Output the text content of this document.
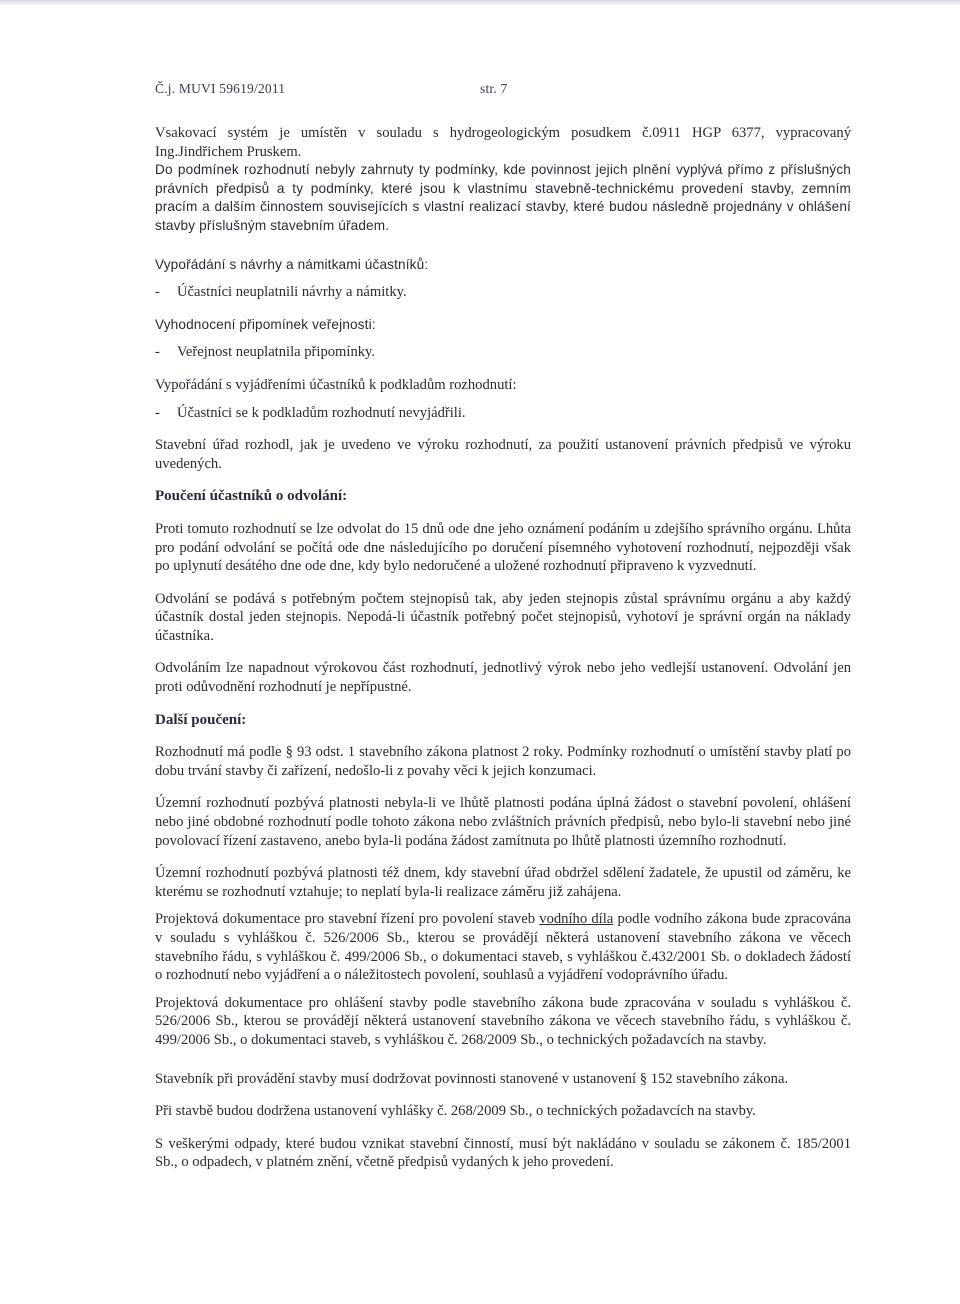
Č.j. MUVI 59619/2011	str. 7

Vsakovací systém je umístěn v souladu s hydrogeologickým posudkem č.0911 HGP 6377, vypracovaný Ing.Jindřichem Pruskem.

Do podmínek rozhodnutí nebyly zahrnuty ty podmínky, kde povinnost jejich plnění vyplývá přímo z příslušných právních předpisů a ty podmínky, které jsou k vlastnímu stavebně-technickému provedení stavby, zemním pracím a dalším činnostem souvisejících s vlastní realizací stavby, které budou následně projednány v ohlášení stavby příslušným stavebním úřadem.

Vypořádání s návrhy a námitkami účastníků:

-	Účastníci neuplatnili návrhy a námitky.

Vyhodnocení připomínek veřejnosti:

-	Veřejnost neuplatnila připomínky.

Vypořádání s vyjádřeními účastníků k podkladům rozhodnutí:

-	Účastníci se k podkladům rozhodnutí nevyjádřili.

Stavební úřad rozhodl, jak je uvedeno ve výroku rozhodnutí, za použití ustanovení právních předpisů ve výroku uvedených.

Poučení účastníků o odvolání:

Proti tomuto rozhodnutí se lze odvolat do 15 dnů ode dne jeho oznámení podáním u zdejšího správního orgánu. Lhůta pro podání odvolání se počítá ode dne následujícího po doručení písemného vyhotovení rozhodnutí, nejpozději však po uplynutí desátého dne ode dne, kdy bylo nedoručené a uložené rozhodnutí připraveno k vyzvednutí.

Odvolání se podává s potřebným počtem stejnopisů tak, aby jeden stejnopis zůstal správnímu orgánu a aby každý účastník dostal jeden stejnopis. Nepodá-li účastník potřebný počet stejnopisů, vyhotoví je správní orgán na náklady účastníka.

Odvoláním lze napadnout výrokovou část rozhodnutí, jednotlivý výrok nebo jeho vedlejší ustanovení. Odvolání jen proti odůvodnění rozhodnutí je nepřípustné.

Další poučení:

Rozhodnutí má podle § 93 odst. 1 stavebního zákona platnost 2 roky. Podmínky rozhodnutí o umístění stavby platí po dobu trvání stavby či zařízení, nedošlo-li z povahy věci k jejich konzumaci.

Územní rozhodnutí pozbývá platnosti nebyla-li ve lhůtě platnosti podána úplná žádost o stavební povolení, ohlášení nebo jiné obdobné rozhodnutí podle tohoto zákona nebo zvláštních právních předpisů, nebo bylo-li stavební nebo jiné povolovací řízení zastaveno, anebo byla-li podána žádost zamítnuta po lhůtě platnosti územního rozhodnutí.

Územní rozhodnutí pozbývá platnosti též dnem, kdy stavební úřad obdržel sdělení žadatele, že upustil od záměru, ke kterému se rozhodnutí vztahuje; to neplatí byla-li realizace záměru již zahájena.

Projektová dokumentace pro stavební řízení pro povolení staveb vodního díla podle vodního zákona bude zpracována v souladu s vyhláškou č. 526/2006 Sb., kterou se provádějí některá ustanovení stavebního zákona ve věcech stavebního řádu, s vyhláškou č. 499/2006 Sb., o dokumentaci staveb, s vyhláškou č.432/2001 Sb. o dokladech žádostí o rozhodnutí nebo vyjádření a o náležitostech povolení, souhlasů a vyjádření vodoprávního úřadu.

Projektová dokumentace pro ohlášení stavby podle stavebního zákona bude zpracována v souladu s vyhláškou č. 526/2006 Sb., kterou se provádějí některá ustanovení stavebního zákona ve věcech stavebního řádu, s vyhláškou č. 499/2006 Sb., o dokumentaci staveb, s vyhláškou č. 268/2009 Sb., o technických požadavcích na stavby.

Stavebník při provádění stavby musí dodržovat povinnosti stanovené v ustanovení § 152 stavebního zákona.

Při stavbě budou dodržena ustanovení vyhlášky č. 268/2009 Sb., o technických požadavcích na stavby.

S veškerými odpady, které budou vznikat stavební činností, musí být nakládáno v souladu se zákonem č. 185/2001 Sb., o odpadech, v platném znění, včetně předpisů vydaných k jeho provedení.
